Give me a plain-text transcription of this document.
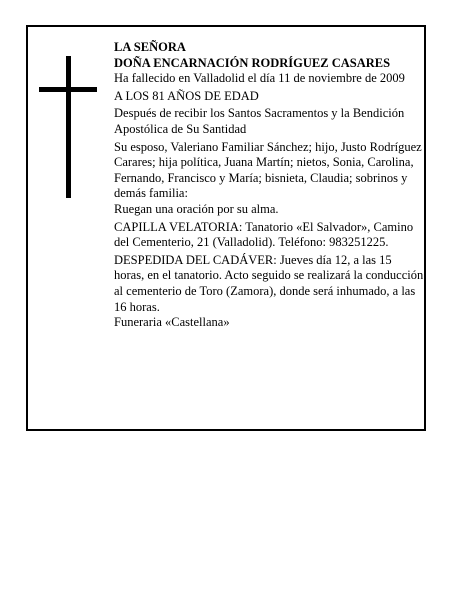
LA SEÑORA

DOÑA ENCARNACIÓN RODRÍGUEZ CASARES

Ha fallecido en Valladolid el día 11 de noviembre de 2009

A LOS 81 AÑOS DE EDAD

Después de recibir los Santos Sacramentos y la Bendición Apostólica de Su Santidad

Su esposo, Valeriano Familiar Sánchez; hijo, Justo Rodríguez Carares; hija política, Juana Martín; nietos, Sonia, Carolina, Fernando, Francisco y María; bisnieta, Claudia; sobrinos y demás familia:

Ruegan una oración por su alma.

CAPILLA VELATORIA: Tanatorio «El Salvador», Camino del Cementerio, 21 (Valladolid). Teléfono: 983251225.

DESPEDIDA DEL CADÁVER: Jueves día 12, a las 15 horas, en el tanatorio. Acto seguido se realizará la conducción al cementerio de Toro (Zamora), donde será inhumado, a las 16 horas.

Funeraria «Castellana»
